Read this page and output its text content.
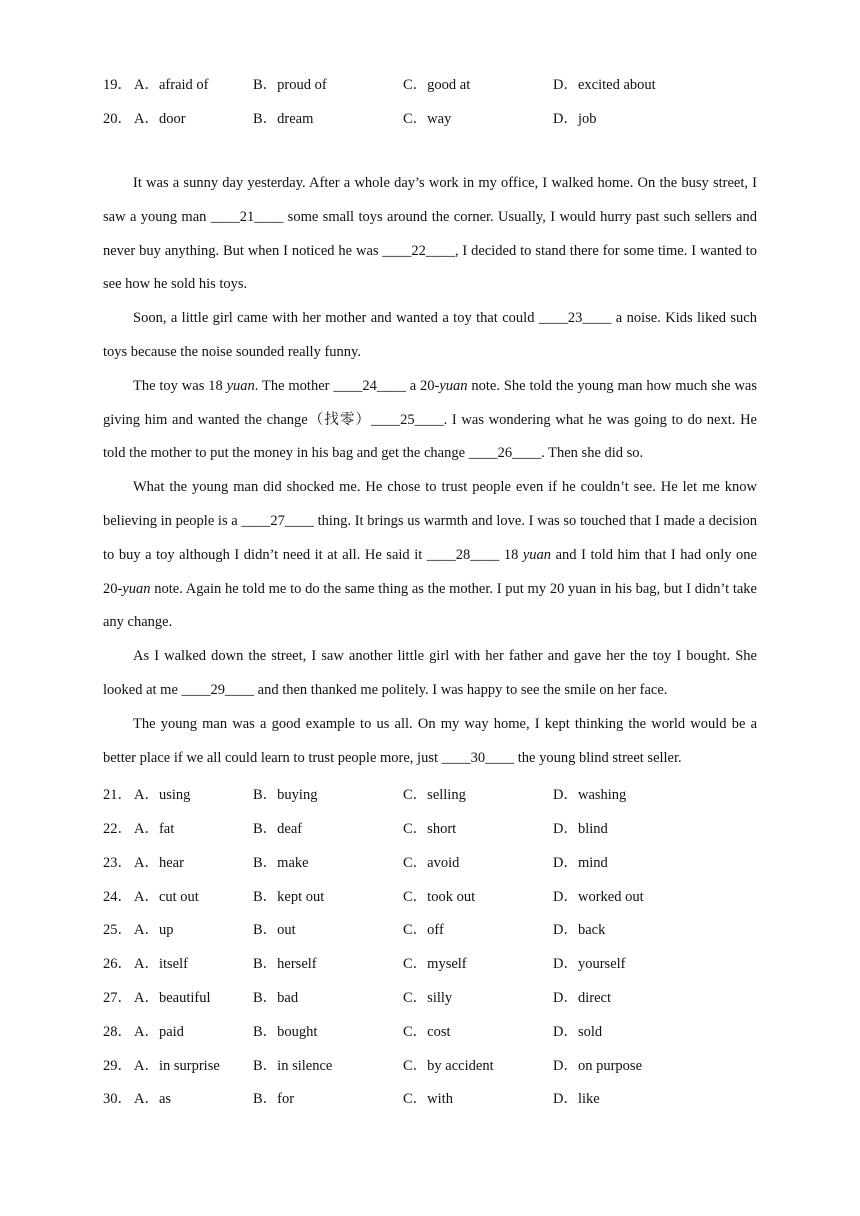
19． A．afraid of	B．proud of	C．good at	D．excited about
20． A．door	B．dream	C．way	D．job

It was a sunny day yesterday. After a whole day’s work in my office, I walked home. On the busy street, I saw a young man ____21____ some small toys around the corner. Usually, I would hurry past such sellers and never buy anything. But when I noticed he was ____22____, I decided to stand there for some time. I wanted to see how he sold his toys.

Soon, a little girl came with her mother and wanted a toy that could ____23____ a noise. Kids liked such toys because the noise sounded really funny.

The toy was 18 yuan. The mother ____24____ a 20-yuan note. She told the young man how much she was giving him and wanted the change（找零）____25____. I was wondering what he was going to do next. He told the mother to put the money in his bag and get the change ____26____. Then she did so.

What the young man did shocked me. He chose to trust people even if he couldn’t see. He let me know believing in people is a ____27____ thing. It brings us warmth and love. I was so touched that I made a decision to buy a toy although I didn’t need it at all. He said it ____28____ 18 yuan and I told him that I had only one 20-yuan note. Again he told me to do the same thing as the mother. I put my 20 yuan in his bag, but I didn’t take any change.

As I walked down the street, I saw another little girl with her father and gave her the toy I bought. She looked at me ____29____ and then thanked me politely. I was happy to see the smile on her face.

The young man was a good example to us all. On my way home, I kept thinking the world would be a better place if we all could learn to trust people more, just ____30____ the young blind street seller.

21． A．using	B．buying	C．selling	D．washing
22． A．fat	B．deaf	C．short	D．blind
23． A．hear	B．make	C．avoid	D．mind
24． A．cut out	B．kept out	C．took out	D．worked out
25． A．up	B．out	C．off	D．back
26． A．itself	B．herself	C．myself	D．yourself
27． A．beautiful	B．bad	C．silly	D．direct
28． A．paid	B．bought	C．cost	D．sold
29． A．in surprise B．in silence	C．by accident	D．on purpose
30． A．as	B．for	C．with	D．like
